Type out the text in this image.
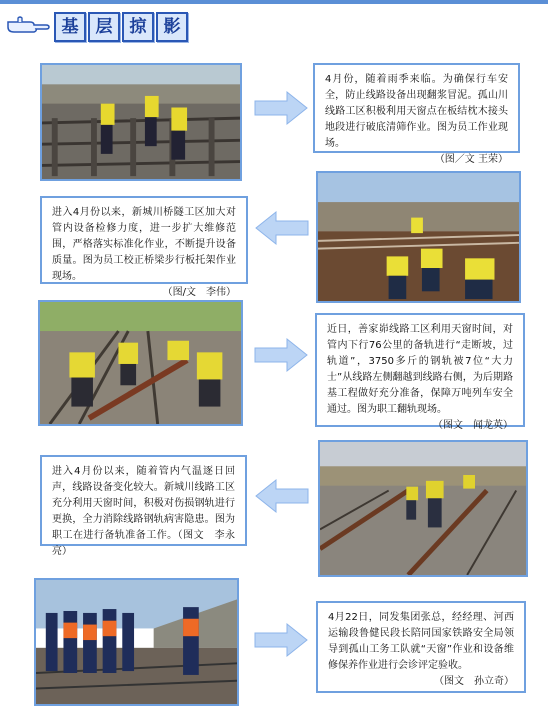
基	层	掠	影
4月份，随着雨季来临。为确保行车安全，防止线路设备出现翻浆冒泥。孤山川线路工区积极利用天窗点在板结枕木接头地段进行破底清筛作业。图为员工作业现场。
（图／文 王荣）
进入4月份以来，新城川桥隧工区加大对管内设备检修力度，进一步扩大维修范围，严格落实标准化作业，不断提升设备质量。图为员工校正桥梁步行板托架作业现场。
（图/文　李伟）
近日，善家峁线路工区利用天窗时间，对管内下行76公里的备轨进行“走断坡，过轨道”，3750多斤的钢轨被7位“大力士”从线路左侧翻越到线路右侧，为后期路基工程做好充分准备，保障万吨列车安全通过。图为职工翻轨现场。
（图文　闻龙英）
进入4月份以来，随着管内气温逐日回声，线路设备变化较大。新城川线路工区充分利用天窗时间，积极对伤损钢轨进行更换，全力消除线路钢轨病害隐患。图为职工在进行备轨准备工作。（图文　李永亮）
4月22日，同发集团张总，经经理、河西运输段鲁健民段长陪同国家铁路安全局领导到孤山工务工队就“天窗”作业和设备维修保养作业进行会诊评定验收。
（图文　孙立奇）
